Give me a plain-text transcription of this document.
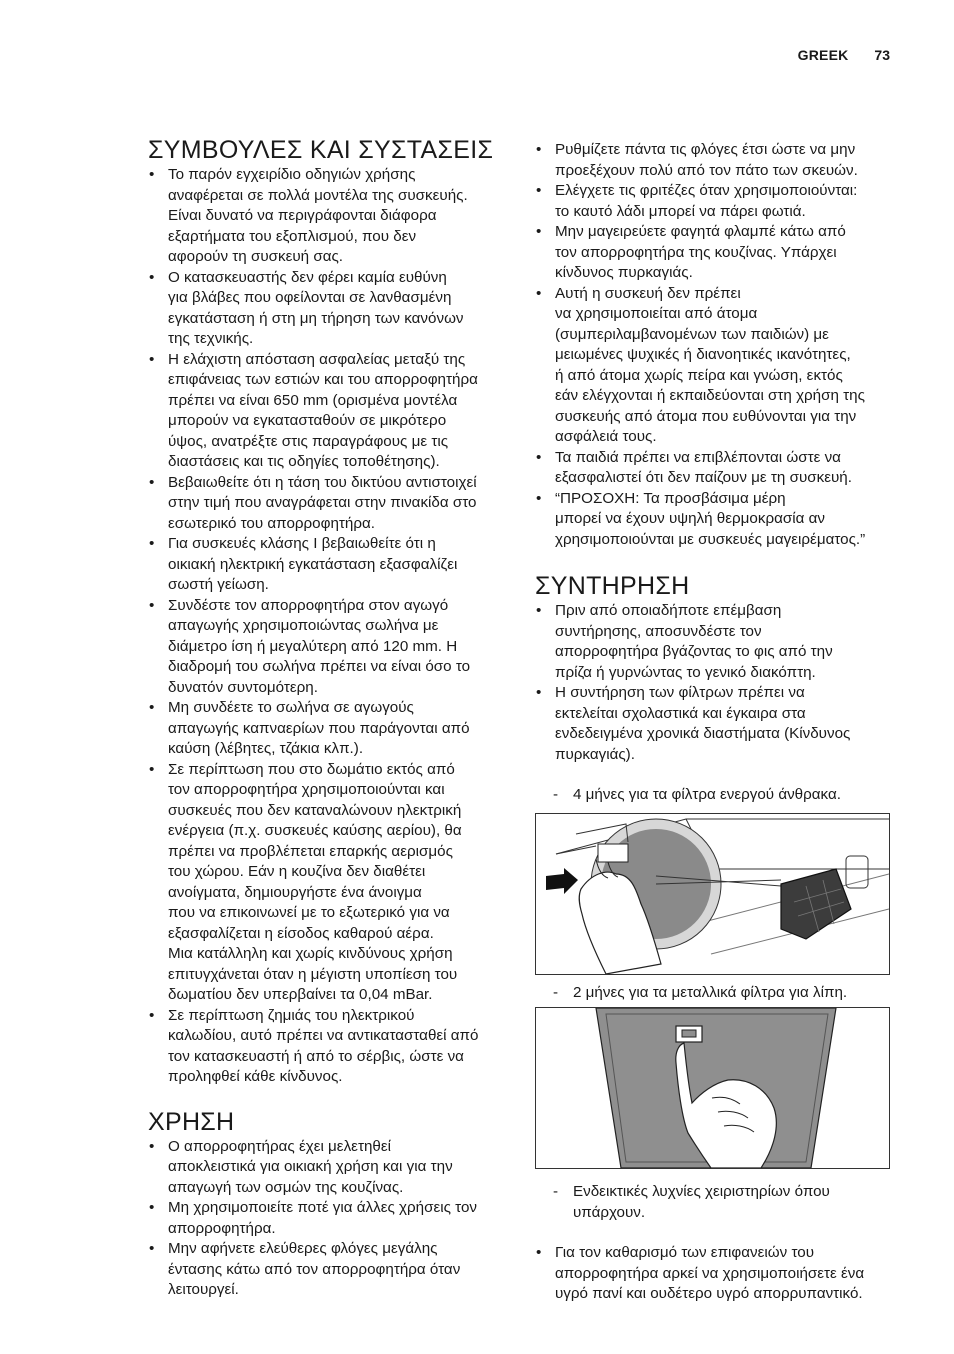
GREEK 73
ΣΥΜΒΟΥΛΕΣ ΚΑΙ ΣΥΣΤΑΣΕΙΣ
• Το παρόν εγχειρίδιο οδηγιών χρήσης
αναφέρεται σε πολλά μοντέλα της συσκευής.
Είναι δυνατό να περιγράφονται διάφορα
εξαρτήματα του εξοπλισμού, που δεν
αφορούν τη συσκευή σας.
• Ο κατασκευαστής δεν φέρει καμία ευθύνη
για βλάβες που οφείλονται σε λανθασμένη
εγκατάσταση ή στη μη τήρηση των κανόνων
της τεχνικής.
• Η ελάχιστη απόσταση ασφαλείας μεταξύ της
επιφάνειας των εστιών και του απορροφητήρα
πρέπει να είναι 650 mm (ορισμένα μοντέλα
μπορούν να εγκατασταθούν σε μικρότερο
ύψος, ανατρέξτε στις παραγράφους με τις
διαστάσεις και τις οδηγίες τοποθέτησης).
• Βεβαιωθείτε ότι η τάση του δικτύου αντιστοιχεί
στην τιμή που αναγράφεται στην πινακίδα στο
εσωτερικό του απορροφητήρα.
• Για συσκευές κλάσης I βεβαιωθείτε ότι η
οικιακή ηλεκτρική εγκατάσταση εξασφαλίζει
σωστή γείωση.
• Συνδέστε τον απορροφητήρα στον αγωγό
απαγωγής χρησιμοποιώντας σωλήνα με
διάμετρο ίση ή μεγαλύτερη από 120 mm. Η
διαδρομή του σωλήνα πρέπει να είναι όσο το
δυνατόν συντομότερη.
• Μη συνδέετε το σωλήνα σε αγωγούς
απαγωγής καπναερίων που παράγονται από
καύση (λέβητες, τζάκια κλπ.).
• Σε περίπτωση που στο δωμάτιο εκτός από
τον απορροφητήρα χρησιμοποιούνται και
συσκευές που δεν καταναλώνουν ηλεκτρική
ενέργεια (π.χ. συσκευές καύσης αερίου), θα
πρέπει να προβλέπεται επαρκής αερισμός
του χώρου. Εάν η κουζίνα δεν διαθέτει
ανοίγματα, δημιουργήστε ένα άνοιγμα
που να επικοινωνεί με το εξωτερικό για να
εξασφαλίζεται η είσοδος καθαρού αέρα.
Μια κατάλληλη και χωρίς κινδύνους χρήση
επιτυγχάνεται όταν η μέγιστη υποπίεση του
δωματίου δεν υπερβαίνει τα 0,04 mBar.
• Σε περίπτωση ζημιάς του ηλεκτρικού
καλωδίου, αυτό πρέπει να αντικατασταθεί από
τον κατασκευαστή ή από το σέρβις, ώστε να
προληφθεί κάθε κίνδυνος.
ΧΡΗΣΗ
• Ο απορροφητήρας έχει μελετηθεί
αποκλειστικά για οικιακή χρήση και για την
απαγωγή των οσμών της κουζίνας.
• Μη χρησιμοποιείτε ποτέ για άλλες χρήσεις τον
απορροφητήρα.
• Μην αφήνετε ελεύθερες φλόγες μεγάλης
έντασης κάτω από τον απορροφητήρα όταν
λειτουργεί.
• Ρυθμίζετε πάντα τις φλόγες έτσι ώστε να μην
προεξέχουν πολύ από τον πάτο των σκευών.
• Ελέγχετε τις φριτέζες όταν χρησιμοποιούνται:
το καυτό λάδι μπορεί να πάρει φωτιά.
• Μην μαγειρεύετε φαγητά φλαμπέ κάτω από
τον απορροφητήρα της κουζίνας. Υπάρχει
κίνδυνος πυρκαγιάς.
• Αυτή η συσκευή δεν πρέπει
να χρησιμοποιείται από άτομα
(συμπεριλαμβανομένων των παιδιών) με
μειωμένες ψυχικές ή διανοητικές ικανότητες,
ή από άτομα χωρίς πείρα και γνώση, εκτός
εάν ελέγχονται ή εκπαιδεύονται στη χρήση της
συσκευής από άτομα που ευθύνονται για την
ασφάλειά τους.
• Τα παιδιά πρέπει να επιβλέπονται ώστε να
εξασφαλιστεί ότι δεν παίζουν με τη συσκευή.
• “ΠΡΟΣΟΧΗ: Τα προσβάσιμα μέρη
μπορεί να έχουν υψηλή θερμοκρασία αν
χρησιμοποιούνται με συσκευές μαγειρέματος.”
ΣΥΝΤΗΡΗΣΗ
• Πριν από οποιαδήποτε επέμβαση
συντήρησης, αποσυνδέστε τον
απορροφητήρα βγάζοντας το φις από την
πρίζα ή γυρνώντας το γενικό διακόπτη.
• Η συντήρηση των φίλτρων πρέπει να
εκτελείται σχολαστικά και έγκαιρα στα
ενδεδειγμένα χρονικά διαστήματα (Κίνδυνος
πυρκαγιάς).
- 4 μήνες για τα φίλτρα ενεργού άνθρακα.
- 2 μήνες για τα μεταλλικά φίλτρα για λίπη.
- Ενδεικτικές λυχνίες χειριστηρίων όπου
υπάρχουν.
• Για τον καθαρισμό των επιφανειών του
απορροφητήρα αρκεί να χρησιμοποιήσετε ένα
υγρό πανί και ουδέτερο υγρό απορρυπαντικό.
